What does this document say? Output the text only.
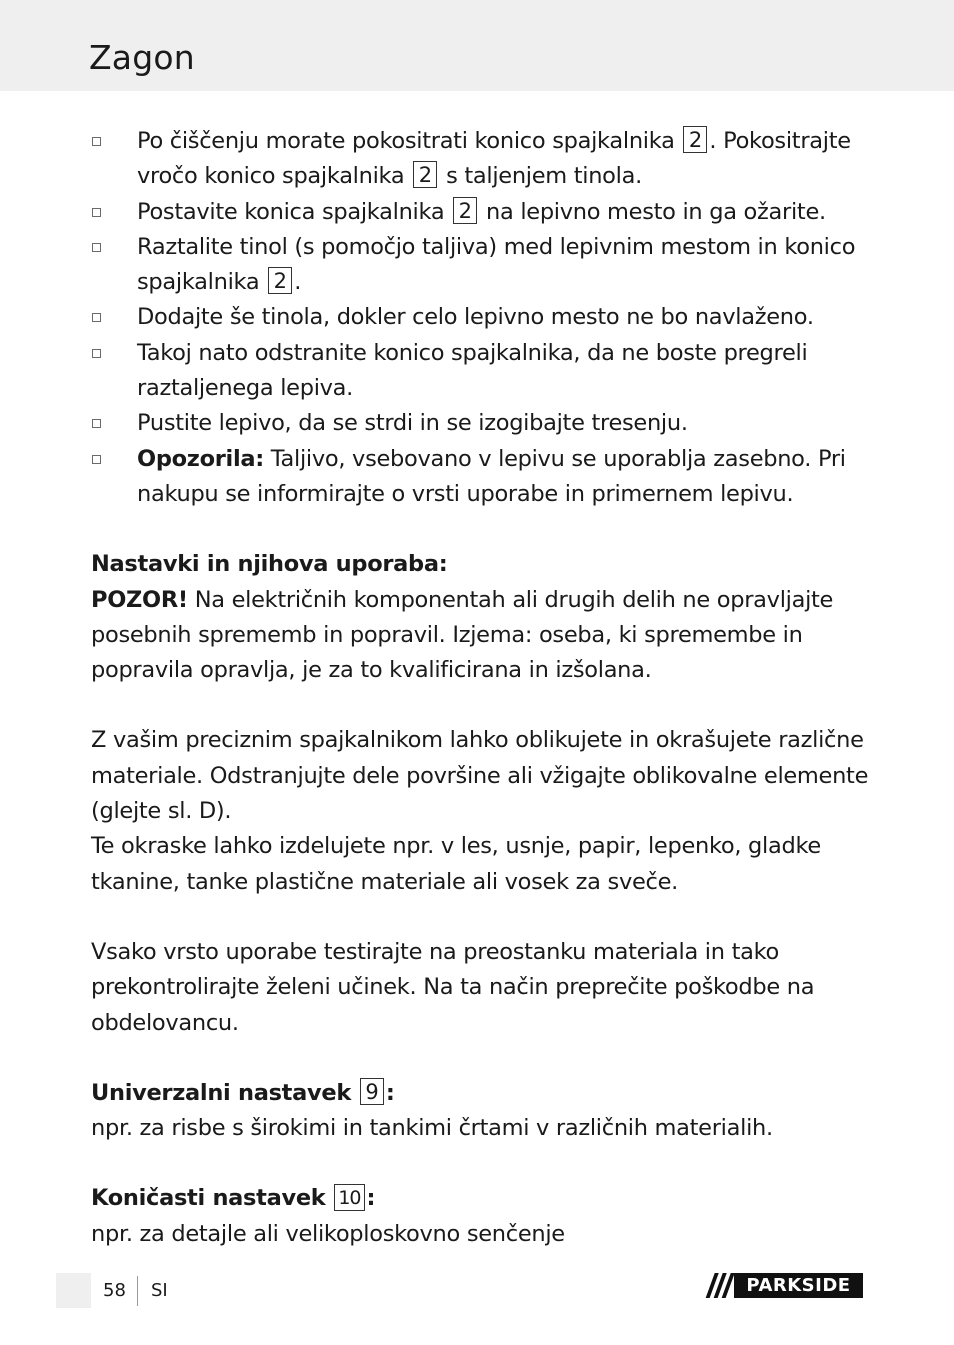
Zagon
Po čiščenju morate pokositrati konico spajkalnika 2 . Pokositrajte vročo konico spajkalnika 2 s taljenjem tinola.
Postavite konica spajkalnika 2 na lepivno mesto in ga ožarite.
Raztalite tinol (s pomočjo taljiva) med lepivnim mestom in konico spajkalnika 2 .
Dodajte še tinola, dokler celo lepivno mesto ne bo navlaženo.
Takoj nato odstranite konico spajkalnika, da ne boste pregreli raztaljenega lepiva.
Pustite lepivo, da se strdi in se izogibajte tresenju.
Opozorila: Taljivo, vsebovano v lepivu se uporablja zasebno. Pri nakupu se informirajte o vrsti uporabe in primernem lepivu.

Nastavki in njihova uporaba:

POZOR! Na električnih komponentah ali drugih delih ne opravljajte posebnih sprememb in popravil. Izjema: oseba, ki spremembe in popravila opravlja, je za to kvalificirana in izšolana.

Z vašim preciznim spajkalnikom lahko oblikujete in okrašujete različne materiale. Odstranjujte dele površine ali vžigajte oblikovalne elemente (glejte sl. D).

Te okraske lahko izdelujete npr. v les, usnje, papir, lepenko, gladke tkanine, tanke plastične materiale ali vosek za sveče.

Vsako vrsto uporabe testirajte na preostanku materiala in tako prekontrolirajte želeni učinek. Na ta način preprečite poškodbe na obdelovancu.

Univerzalni nastavek 9 :

npr. za risbe s širokimi in tankimi črtami v različnih materialih.

Koničasti nastavek 10 :

npr. za detajle ali velikoploskovno senčenje

58 SI	PARKSIDE
